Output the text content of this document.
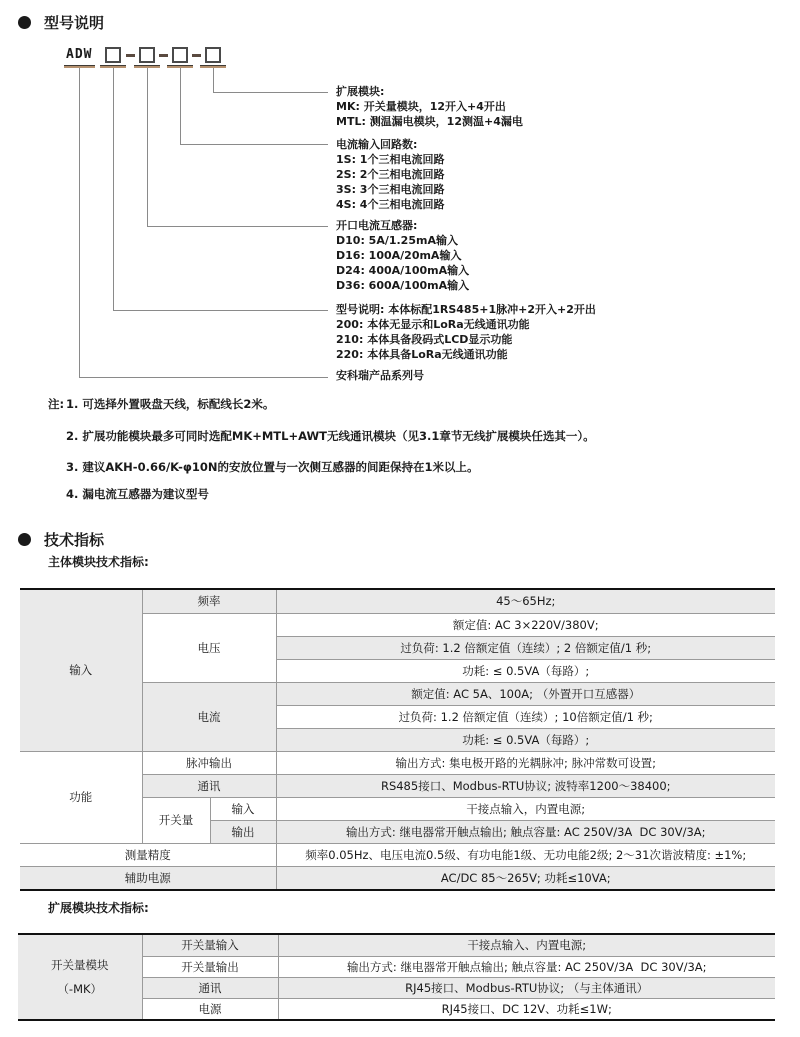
型号说明
ADW
扩展模块:
MK: 开关量模块，12开入+4开出
MTL: 测温漏电模块，12测温+4漏电
电流输入回路数:
1S: 1个三相电流回路
2S: 2个三相电流回路
3S: 3个三相电流回路
4S: 4个三相电流回路
开口电流互感器:
D10: 5A/1.25mA输入
D16: 100A/20mA输入
D24: 400A/100mA输入
D36: 600A/100mA输入
型号说明: 本体标配1RS485+1脉冲+2开入+2开出
200: 本体无显示和LoRa无线通讯功能
210: 本体具备段码式LCD显示功能
220: 本体具备LoRa无线通讯功能
安科瑞产品系列号
注: 1. 可选择外置吸盘天线，标配线长2米。
2. 扩展功能模块最多可同时选配MK+MTL+AWT无线通讯模块（见3.1章节无线扩展模块任选其一）。
3. 建议AKH-0.66/K-φ10N的安放位置与一次侧互感器的间距保持在1米以上。
4. 漏电流互感器为建议型号
技术指标
主体模块技术指标:
输入	频率		45～65Hz;
	电压		额定值: AC 3×220V/380V;
			过负荷: 1.2 倍额定值（连续）; 2 倍额定值/1 秒;
			功耗: ≤ 0.5VA（每路）;
	电流		额定值: AC 5A、100A; （外置开口互感器）
			过负荷: 1.2 倍额定值（连续）; 10倍额定值/1 秒;
			功耗: ≤ 0.5VA（每路）;
功能	脉冲输出		输出方式: 集电极开路的光耦脉冲; 脉冲常数可设置;
	通讯		RS485接口、Modbus-RTU协议; 波特率1200～38400;
	开关量	输入	干接点输入，内置电源;
		输出	输出方式: 继电器常开触点输出; 触点容量: AC 250V/3A  DC 30V/3A;
测量精度			频率0.05Hz、电压电流0.5级、有功电能1级、无功电能2级; 2～31次谐波精度: ±1%;
辅助电源			AC/DC 85～265V; 功耗≤10VA;
扩展模块技术指标:
开关量模块
（-MK）	开关量输入	干接点输入、内置电源;
	开关量输出	输出方式: 继电器常开触点输出; 触点容量: AC 250V/3A  DC 30V/3A;
	通讯	RJ45接口、Modbus-RTU协议; （与主体通讯）
	电源	RJ45接口、DC 12V、功耗≤1W;
